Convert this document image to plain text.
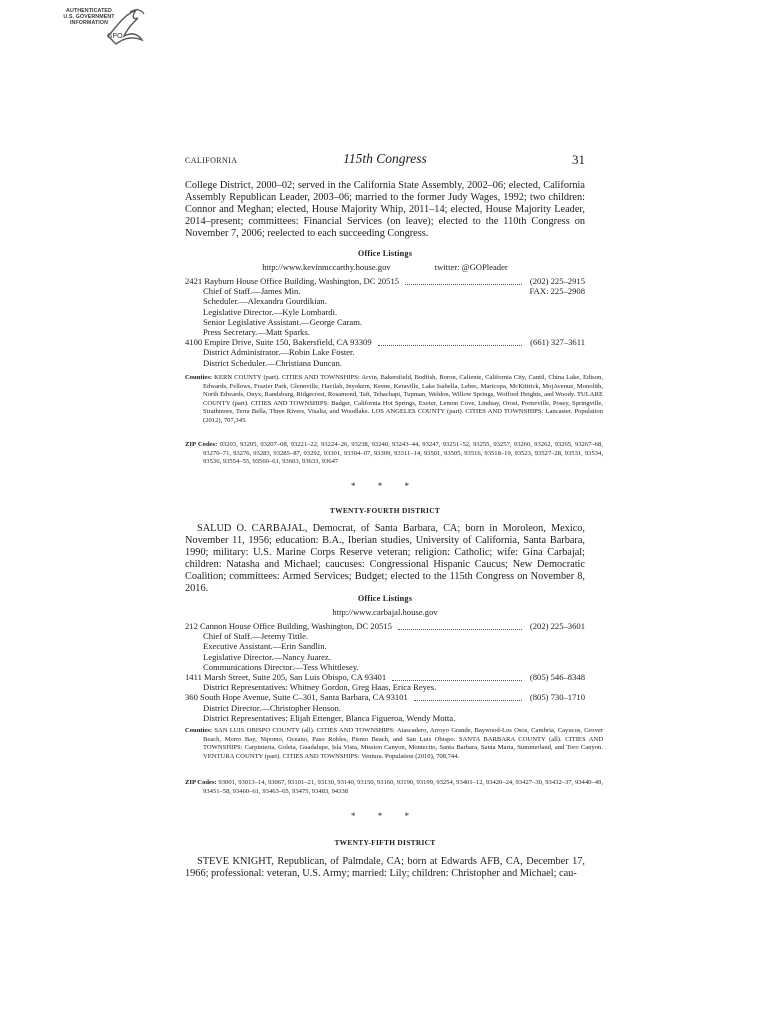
AUTHENTICATED
U.S. GOVERNMENT
INFORMATION
GPO
CALIFORNIA	115th Congress	31

College District, 2000–02; served in the California State Assembly, 2002–06; elected, California Assembly Republican Leader, 2003–06; married to the former Judy Wages, 1992; two children: Connor and Meghan; elected, House Majority Whip, 2011–14; elected, House Majority Leader, 2014–present; committees: Financial Services (on leave); elected to the 110th Congress on November 7, 2006; reelected to each succeeding Congress.

Office Listings
http://www.kevinmccarthy.house.gov	twitter: @GOPleader
2421 Rayburn House Office Building, Washington, DC 20515	(202) 225–2915
Chief of Staff.—James Min.	FAX: 225–2908
Scheduler.—Alexandra Gourdikian.
Legislative Director.—Kyle Lombardi.
Senior Legislative Assistant.—George Caram.
Press Secretary.—Matt Sparks.
4100 Empire Drive, Suite 150, Bakersfield, CA 93309	(661) 327–3611
District Administrator.—Robin Lake Foster.
District Scheduler.—Christiana Duncan.

Counties: KERN COUNTY (part). CITIES AND TOWNSHIPS: Arvin, Bakersfield, Bodfish, Boron, Caliente, California City, Cantil, China Lake, Edison, Edwards, Fellows, Frazier Park, Glennville, Havilah, Inyokern, Keene, Keraville, Lake Isabella, Lebec, Maricopa, McKittrick, MojAvenue, Monolith, North Edwards, Onyx, Randsburg, Ridgecrest, Rosamond, Taft, Tehachapi, Tupman, Weldon, Willow Springs, Wofford Heights, and Woody. TULARE COUNTY (part). CITIES AND TOWNSHIPS: Badger, California Hot Springs, Exeter, Lemon Cove, Lindsay, Orosi, Porterville, Posey, Springville, Strathmore, Terra Bella, Three Rivers, Visalia, and Woodlake. LOS ANGELES COUNTY (part). CITIES AND TOWNSHIPS: Lancaster. Population (2012), 707,345.

ZIP Codes: 93203, 93205, 93207–08, 93221–22, 93224–26, 93238, 93240, 93243–44, 93247, 93251–52, 93255, 93257, 93260, 93262, 93265, 93267–68, 93270–71, 93276, 93283, 93285–87, 93292, 93301, 93304–07, 93309, 93311–14, 93501, 93505, 93516, 93518–19, 93523, 93527–28, 93531, 93534, 93536, 93554–55, 93560–61, 93603, 93633, 93647

* * *
TWENTY-FOURTH DISTRICT

SALUD O. CARBAJAL, Democrat, of Santa Barbara, CA; born in Moroleon, Mexico, November 11, 1956; education: B.A., Iberian studies, University of California, Santa Barbara, 1990; military: U.S. Marine Corps Reserve veteran; religion: Catholic; wife: Gina Carbajal; children: Natasha and Michael; caucuses: Congressional Hispanic Caucus; New Democratic Coalition; committees: Armed Services; Budget; elected to the 115th Congress on November 8, 2016.

Office Listings
http://www.carbajal.house.gov
212 Cannon House Office Building, Washington, DC 20515	(202) 225–3601
Chief of Staff.—Jeremy Tittle.
Executive Assistant.—Erin Sandlin.
Legislative Director.—Nancy Juarez.
Communications Director.—Tess Whittlesey.
1411 Marsh Street, Suite 205, San Luis Obispo, CA 93401	(805) 546–8348
District Representatives: Whitney Gordon, Greg Haas, Erica Reyes.
360 South Hope Avenue, Suite C–301, Santa Barbara, CA 93101	(805) 730–1710
District Director.—Christopher Henson.
District Representatives: Elijah Ettenger, Blanca Figueroa, Wendy Motta.

Counties: SAN LUIS OBISPO COUNTY (all). CITIES AND TOWNSHIPS: Atascadero, Arroyo Grande, Baywood-Los Osos, Cambria, Cayucos, Grover Beach, Morro Bay, Nipomo, Oceano, Paso Robles, Pismo Beach, and San Luis Obispo. SANTA BARBARA COUNTY (all). CITIES AND TOWNSHIPS: Carpinteria, Goleta, Guadalupe, Isla Vista, Mission Canyon, Montecito, Santa Barbara, Santa Maria, Summerland, and Toro Canyon. VENTURA COUNTY (part). CITIES AND TOWNSHIPS: Ventura. Population (2010), 708,744.

ZIP Codes: 93001, 93013–14, 93067, 93101–21, 93130, 93140, 93150, 93160, 93190, 93199, 93254, 93401–12, 93420–24, 93427–30, 93432–37, 93440–49, 93451–58, 93460–61, 93463–65, 93475, 93483, 94338

* * *
TWENTY-FIFTH DISTRICT

STEVE KNIGHT, Republican, of Palmdale, CA; born at Edwards AFB, CA, December 17, 1966; professional: veteran, U.S. Army; married: Lily; children: Christopher and Michael; cau-
